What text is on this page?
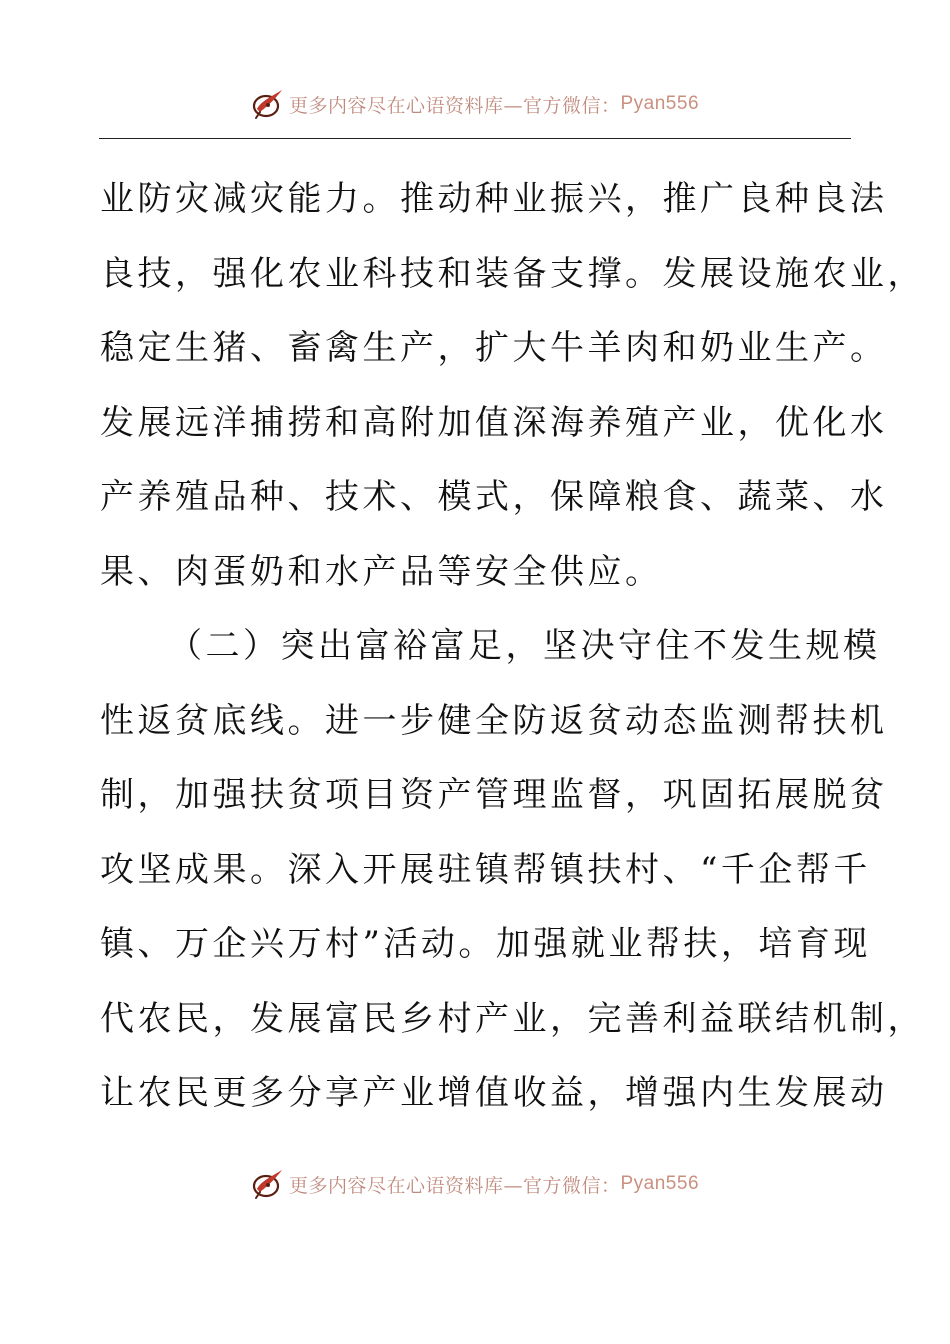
更多内容尽在心语资料库—官方微信： Pyan556
业防灾减灾能力。推动种业振兴，推广良种良法
良技，强化农业科技和装备支撑。发展设施农业，
稳定生猪、畜禽生产，扩大牛羊肉和奶业生产。
发展远洋捕捞和高附加值深海养殖产业，优化水
产养殖品种、技术、模式，保障粮食、蔬菜、水
果、肉蛋奶和水产品等安全供应。
（二）突出富裕富足，坚决守住不发生规模
性返贫底线。进一步健全防返贫动态监测帮扶机
制，加强扶贫项目资产管理监督，巩固拓展脱贫
攻坚成果。深入开展驻镇帮镇扶村、“千企帮千
镇、万企兴万村”活动。加强就业帮扶，培育现
代农民，发展富民乡村产业，完善利益联结机制，
让农民更多分享产业增值收益，增强内生发展动
更多内容尽在心语资料库—官方微信： Pyan556
